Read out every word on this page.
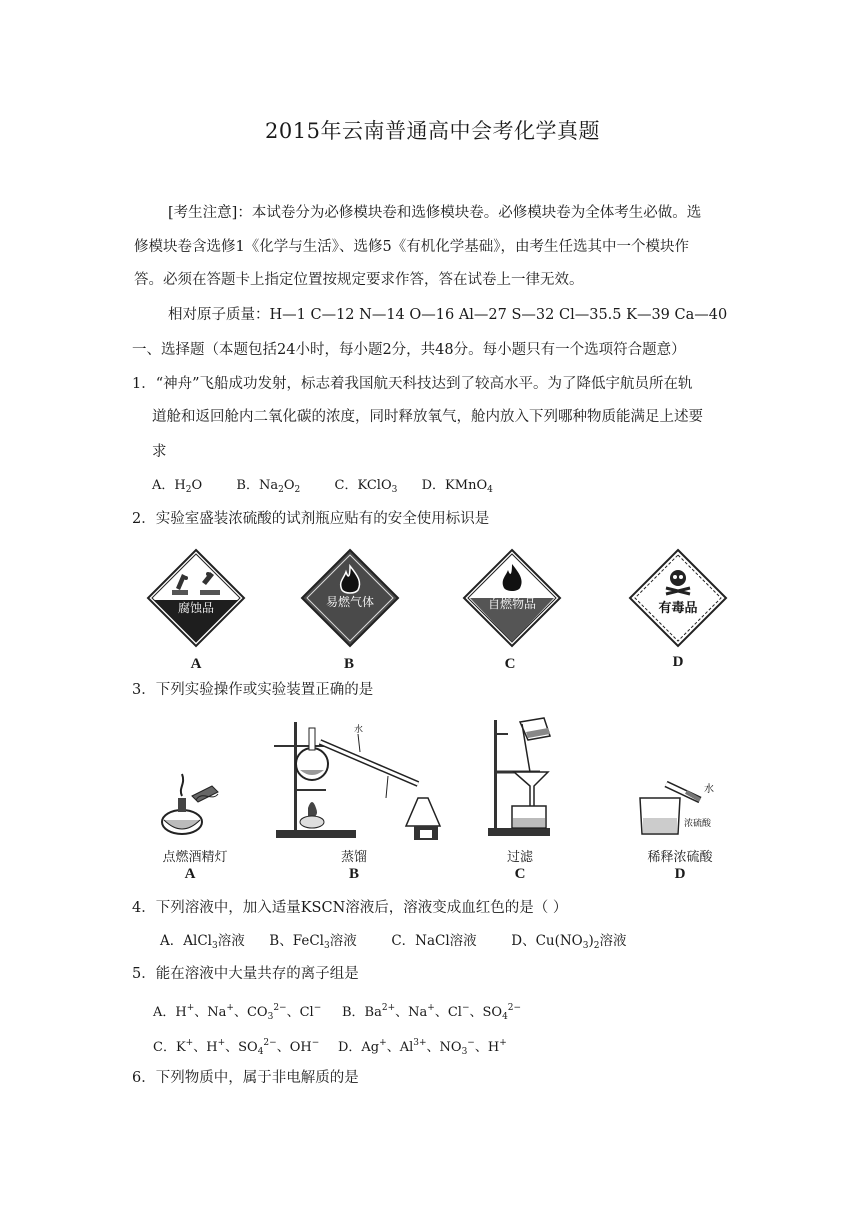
2015年云南普通高中会考化学真题
[考生注意]：本试卷分为必修模块卷和选修模块卷。必修模块卷为全体考生必做。选
修模块卷含选修1《化学与生活》、选修5《有机化学基础》，由考生任选其中一个模块作
答。必须在答题卡上指定位置按规定要求作答，答在试卷上一律无效。
相对原子质量：H—1 C—12 N—14 O—16 Al—27 S—32 Cl—35.5 K—39 Ca—40
一、选择题（本题包括24小时，每小题2分，共48分。每小题只有一个选项符合题意）
1．“神舟”飞船成功发射，标志着我国航天科技达到了较高水平。为了降低宇航员所在轨
道舱和返回舱内二氧化碳的浓度，同时释放氧气，舱内放入下列哪种物质能满足上述要
求
A．$H_2O$	B．$Na_2O_2$	C．KClO$_3$ D．KMnO$_4$
2．实验室盛装浓硫酸的试剂瓶应贴有的安全使用标识是
腐蚀品
A
易燃气体
B
自燃物品
C
有毒品
D
3．下列实验操作或实验装置正确的是
点燃酒精灯
A
水
蒸馏
B
过滤
C
水
浓硫酸
稀释浓硫酸
D
4．下列溶液中，加入适量KSCN溶液后，溶液变成血红色的是（ ）
A．AlCl$_3$溶液 B、FeCl$_3$溶液	C．NaCl溶液	D、$Cu(NO_3)_2$溶液
5．能在溶液中大量共存的离子组是
A．H+、Na+、$CO_3^{2-}$、Cl− B．$Ba^{2+}$、Na+、Cl−、$SO_4^{2-}$
C．K+、H+、$SO_4^{2-}$、OH− D．Ag+、$Al^{3+}$、$NO_3^-$、H+
6．下列物质中，属于非电解质的是
